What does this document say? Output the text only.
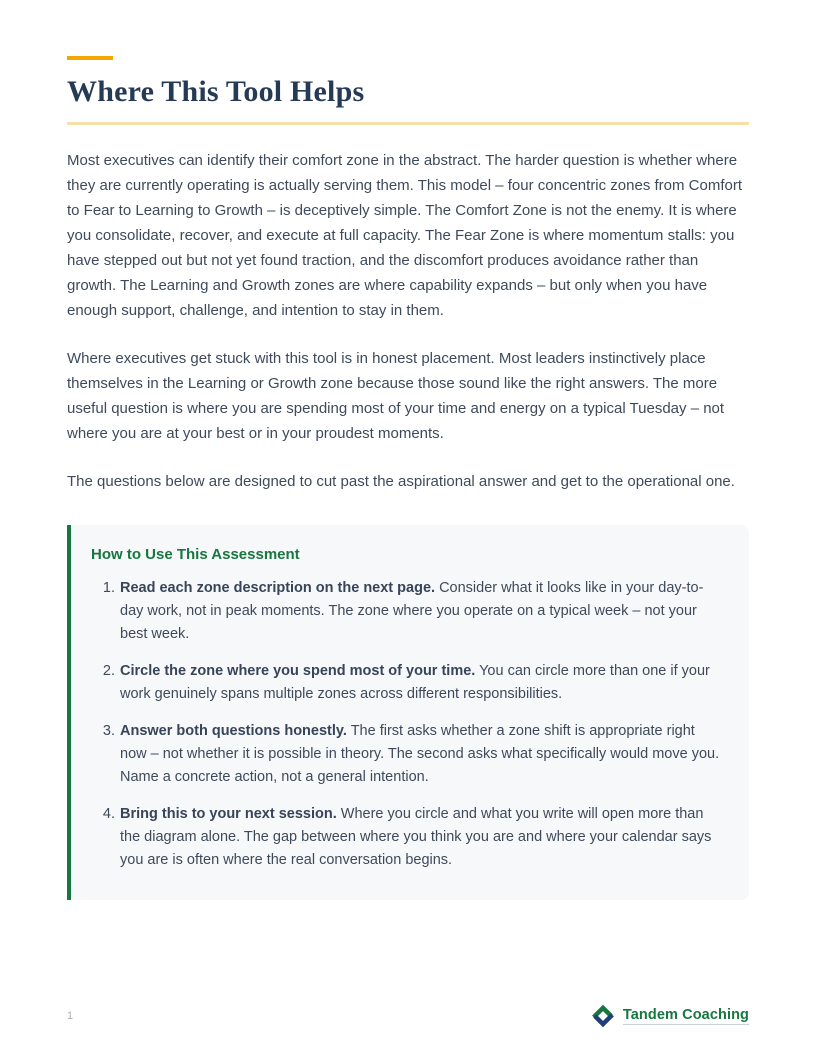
Where This Tool Helps

Most executives can identify their comfort zone in the abstract. The harder question is whether where they are currently operating is actually serving them. This model – four concentric zones from Comfort to Fear to Learning to Growth – is deceptively simple. The Comfort Zone is not the enemy. It is where you consolidate, recover, and execute at full capacity. The Fear Zone is where momentum stalls: you have stepped out but not yet found traction, and the discomfort produces avoidance rather than growth. The Learning and Growth zones are where capability expands – but only when you have enough support, challenge, and intention to stay in them.

Where executives get stuck with this tool is in honest placement. Most leaders instinctively place themselves in the Learning or Growth zone because those sound like the right answers. The more useful question is where you are spending most of your time and energy on a typical Tuesday – not where you are at your best or in your proudest moments.

The questions below are designed to cut past the aspirational answer and get to the operational one.

How to Use This Assessment
1. Read each zone description on the next page. Consider what it looks like in your day-to-day work, not in peak moments. The zone where you operate on a typical week – not your best week.
2. Circle the zone where you spend most of your time. You can circle more than one if your work genuinely spans multiple zones across different responsibilities.
3. Answer both questions honestly. The first asks whether a zone shift is appropriate right now – not whether it is possible in theory. The second asks what specifically would move you. Name a concrete action, not a general intention.
4. Bring this to your next session. Where you circle and what you write will open more than the diagram alone. The gap between where you think you are and where your calendar says you are is often where the real conversation begins.
1	Tandem Coaching
